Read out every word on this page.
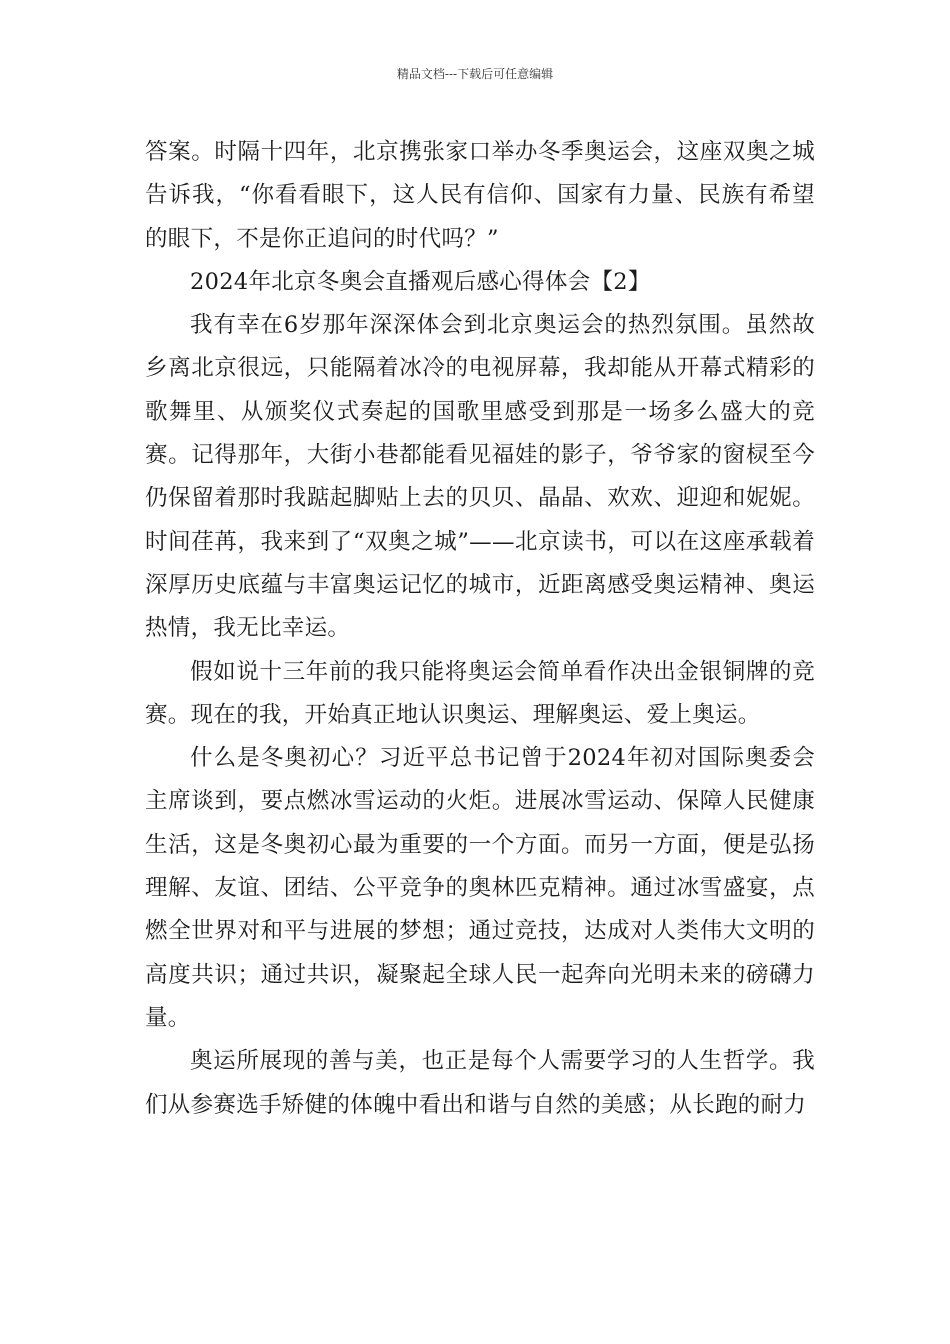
精品文档---下载后可任意编辑

答案。时隔十四年，北京携张家口举办冬季奥运会，这座双奥之城告诉我，“你看看眼下，这人民有信仰、国家有力量、民族有希望的眼下，不是你正追问的时代吗？”

2024年北京冬奥会直播观后感心得体会【2】

我有幸在6岁那年深深体会到北京奥运会的热烈氛围。虽然故乡离北京很远，只能隔着冰冷的电视屏幕，我却能从开幕式精彩的歌舞里、从颁奖仪式奏起的国歌里感受到那是一场多么盛大的竞赛。记得那年，大街小巷都能看见福娃的影子，爷爷家的窗棂至今仍保留着那时我踮起脚贴上去的贝贝、晶晶、欢欢、迎迎和妮妮。时间荏苒，我来到了“双奥之城”——北京读书，可以在这座承载着深厚历史底蕴与丰富奥运记忆的城市，近距离感受奥运精神、奥运热情，我无比幸运。

假如说十三年前的我只能将奥运会简单看作决出金银铜牌的竞赛。现在的我，开始真正地认识奥运、理解奥运、爱上奥运。

什么是冬奥初心？习近平总书记曾于2024年初对国际奥委会主席谈到，要点燃冰雪运动的火炬。进展冰雪运动、保障人民健康生活，这是冬奥初心最为重要的一个方面。而另一方面，便是弘扬理解、友谊、团结、公平竞争的奥林匹克精神。通过冰雪盛宴，点燃全世界对和平与进展的梦想；通过竞技，达成对人类伟大文明的高度共识；通过共识，凝聚起全球人民一起奔向光明未来的磅礴力量。

奥运所展现的善与美，也正是每个人需要学习的人生哲学。我们从参赛选手矫健的体魄中看出和谐与自然的美感；从长跑的耐力
